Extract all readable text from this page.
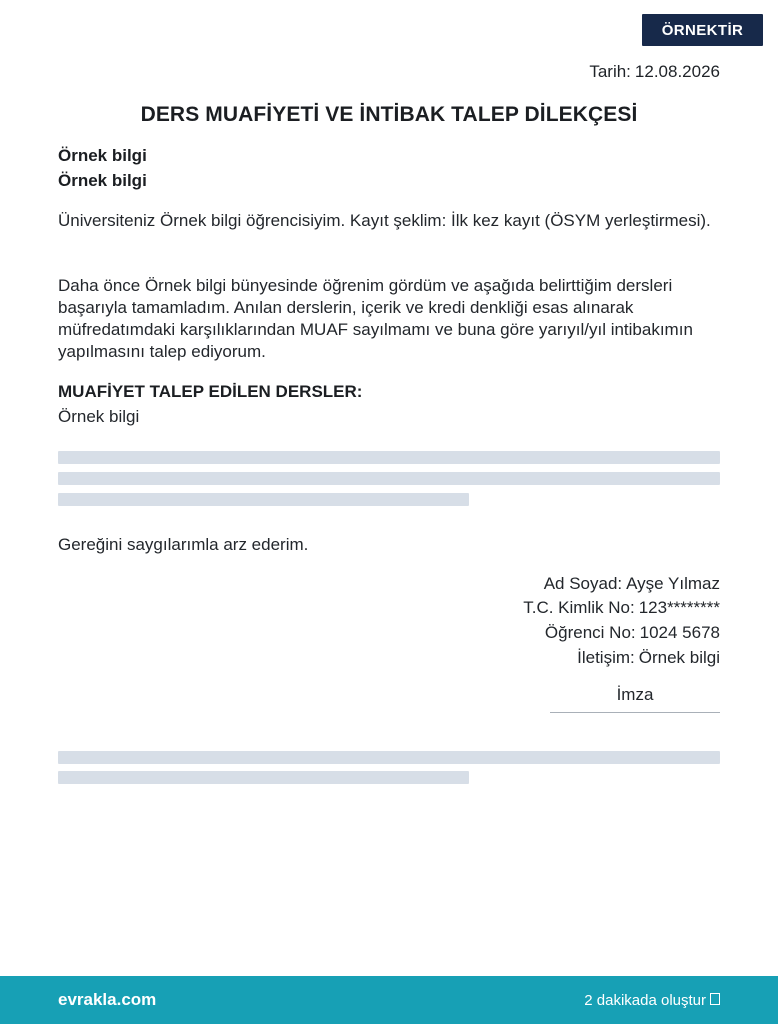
ÖRNEKTİR
Tarih: 12.08.2026
DERS MUAFİYETİ VE İNTİBAK TALEP DİLEKÇESİ
Örnek bilgi
Örnek bilgi
Üniversiteniz Örnek bilgi öğrencisiyim. Kayıt şeklim: İlk kez kayıt (ÖSYM yerleştirmesi).
Daha önce Örnek bilgi bünyesinde öğrenim gördüm ve aşağıda belirttiğim dersleri başarıyla tamamladım. Anılan derslerin, içerik ve kredi denkliği esas alınarak müfredatımdaki karşılıklarından MUAF sayılmamı ve buna göre yarıyıl/yıl intibakımın yapılmasını talep ediyorum.
MUAFİYET TALEP EDİLEN DERSLER:
Örnek bilgi
Gereğini saygılarımla arz ederim.
Ad Soyad: Ayşe Yılmaz
T.C. Kimlik No: 123********
Öğrenci No: 1024 5678
İletişim: Örnek bilgi
İmza
evrakla.com	2 dakikada oluştur
